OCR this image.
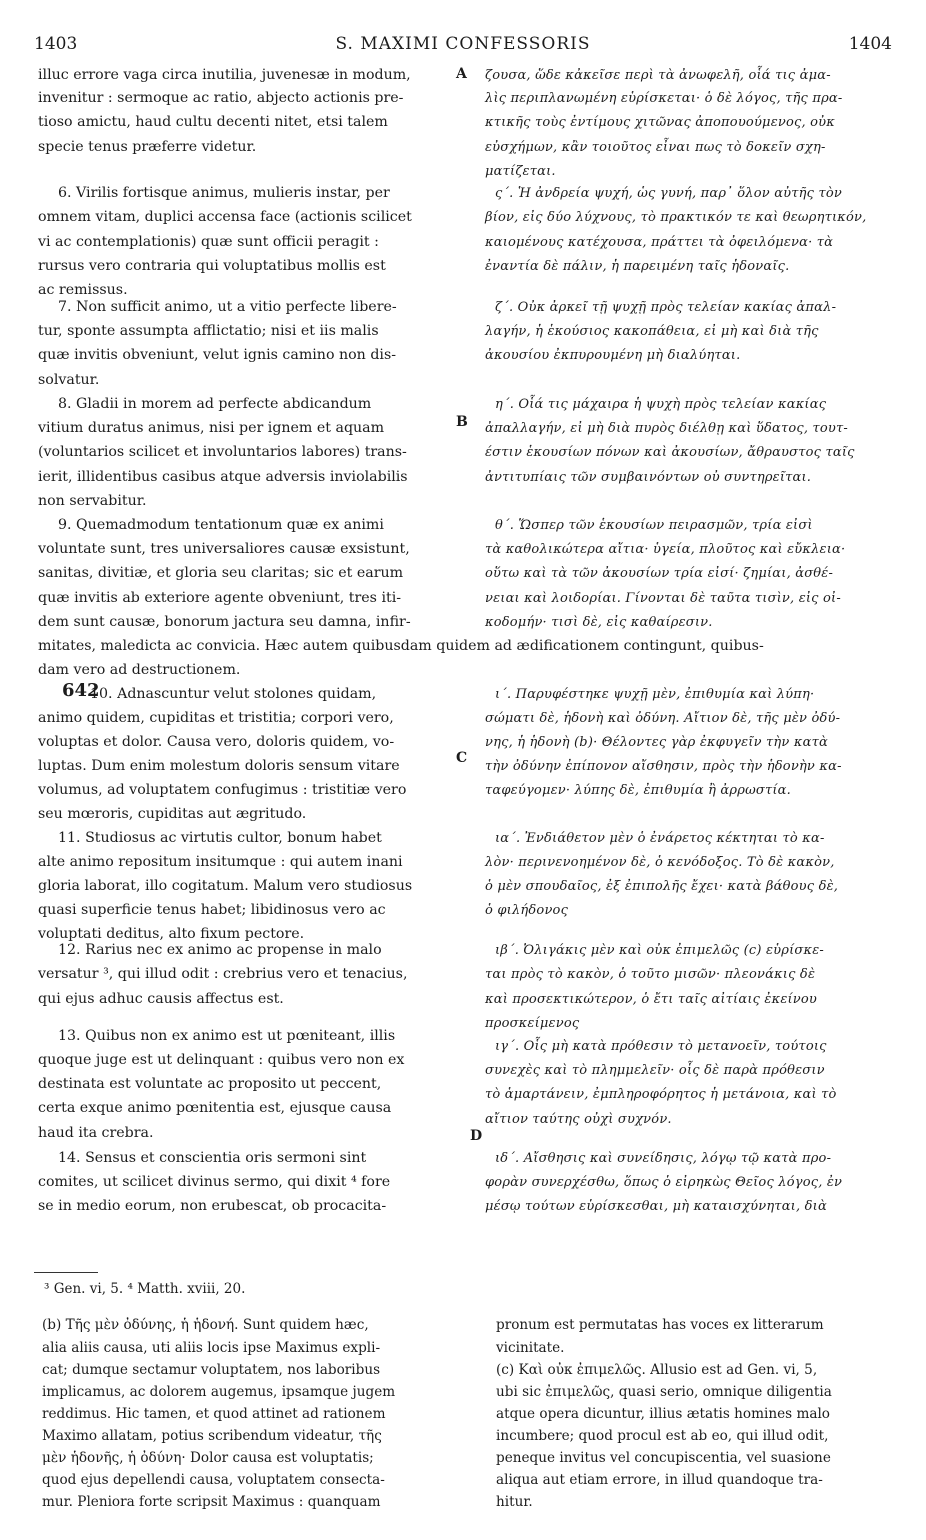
1403	S. MAXIMI CONFESSORIS	1404
illuc errore vaga circa inutilia, juvenesæ in modum,
invenitur : sermoque ac ratio, abjecto actionis pre-
tioso amictu, haud cultu decenti nitet, etsi talem
specie tenus præferre videtur.
6. Virilis fortisque animus, mulieris instar, per
omnem vitam, duplici accensa face (actionis scilicet
vi ac contemplationis) quæ sunt officii peragit :
rursus vero contraria qui voluptatibus mollis est
ac remissus.
7. Non sufficit animo, ut a vitio perfecte libere-
tur, sponte assumpta afflictatio; nisi et iis malis
quæ invitis obveniunt, velut ignis camino non dis-
solvatur.
8. Gladii in morem ad perfecte abdicandum
vitium duratus animus, nisi per ignem et aquam
(voluntarios scilicet et involuntarios labores) trans-
ierit, illidentibus casibus atque adversis inviolabilis
non servabitur.
9. Quemadmodum tentationum quæ ex animi
voluntate sunt, tres universaliores causæ exsistunt,
sanitas, divitiæ, et gloria seu claritas; sic et earum
quæ invitis ab exteriore agente obveniunt, tres iti-
dem sunt causæ, bonorum jactura seu damna, infir-
mitates, maledicta ac convicia. Hæc autem quibusdam quidem ad ædificationem contingunt, quibus-
dam vero ad destructionem.
10. Adnascuntur velut stolones quidam,
animo quidem, cupiditas et tristitia; corpori vero,
voluptas et dolor. Causa vero, doloris quidem, vo-
luptas. Dum enim molestum doloris sensum vitare
volumus, ad voluptatem confugimus : tristitiæ vero
seu mœroris, cupiditas aut ægritudo.
11. Studiosus ac virtutis cultor, bonum habet
alte animo repositum insitumque : qui autem inani
gloria laborat, illo cogitatum. Malum vero studiosus
quasi superficie tenus habet; libidinosus vero ac
voluptati deditus, alto fixum pectore.
12. Rarius nec ex animo ac propense in malo
versatur ³, qui illud odit : crebrius vero et tenacius,
qui ejus adhuc causis affectus est.
13. Quibus non ex animo est ut pœniteant, illis
quoque juge est ut delinquant : quibus vero non ex
destinata est voluntate ac proposito ut peccent,
certa exque animo pœnitentia est, ejusque causa
haud ita crebra.
14. Sensus et conscientia oris sermoni sint
comites, ut scilicet divinus sermo, qui dixit ⁴ fore
se in medio eorum, non erubescat, ob procacita-
ζουσα, ὥδε κἀκεῖσε περὶ τὰ ἀνωφελῆ, οἷά τις ἀμα-
λὶς περιπλανωμένη εὑρίσκεται· ὁ δὲ λόγος, τῆς πρα-
κτικῆς τοὺς ἐντίμους χιτῶνας ἀποπουούμενος, οὐκ
εὐσχήμων, κἂν τοιοῦτος εἶναι πως τὸ δοκεῖν σχη-
ματίζεται.
ς΄. Ἡ ἀνδρεία ψυχή, ὡς γυνή, παρ᾽ ὅλον αὐτῆς τὸν
βίον, εἰς δύο λύχνους, τὸ πρακτικόν τε καὶ θεωρητικόν,
καιομένους κατέχουσα, πράττει τὰ ὀφειλόμενα· τὰ
ἐναντία δὲ πάλιν, ἡ παρειμένη ταῖς ἡδοναῖς.
ζ΄. Οὐκ ἀρκεῖ τῇ ψυχῇ πρὸς τελείαν κακίας ἀπαλ-
λαγήν, ἡ ἑκούσιος κακοπάθεια, εἰ μὴ καὶ διὰ τῆς
ἀκουσίου ἐκπυρουμένη μὴ διαλύηται.
η΄. Οἷά τις μάχαιρα ἡ ψυχὴ πρὸς τελείαν κακίας
ἀπαλλαγήν, εἰ μὴ διὰ πυρὸς διέλθῃ καὶ ὕδατος, τουτ-
έστιν ἑκουσίων πόνων καὶ ἀκουσίων, ἄθραυστος ταῖς
ἀντιτυπίαις τῶν συμβαινόντων οὐ συντηρεῖται.
θ΄. Ὥσπερ τῶν ἑκουσίων πειρασμῶν, τρία εἰσὶ
τὰ καθολικώτερα αἴτια· ὑγεία, πλοῦτος καὶ εὔκλεια·
οὕτω καὶ τὰ τῶν ἀκουσίων τρία εἰσί· ζημίαι, ἀσθέ-
νειαι καὶ λοιδορίαι. Γίνονται δὲ ταῦτα τισὶν, εἰς οἰ-
κοδομήν· τισὶ δὲ, εἰς καθαίρεσιν.
ι΄. Παρυφέστηκε ψυχῇ μὲν, ἐπιθυμία καὶ λύπη·
σώματι δὲ, ἡδονὴ καὶ ὀδύνη. Αἴτιον δὲ, τῆς μὲν ὀδύ-
νης, ἡ ἡδονὴ (b)· Θέλοντες γὰρ ἐκφυγεῖν τὴν κατὰ
τὴν ὀδύνην ἐπίπονον αἴσθησιν, πρὸς τὴν ἡδονὴν κα-
ταφεύγομεν· λύπης δὲ, ἐπιθυμία ἢ ἀρρωστία.
ια΄. Ἐνδιάθετον μὲν ὁ ἐνάρετος κέκτηται τὸ κα-
λὸν· περινενοημένον δὲ, ὁ κενόδοξος. Τὸ δὲ κακὸν,
ὁ μὲν σπουδαῖος, ἐξ ἐπιπολῆς ἔχει· κατὰ βάθους δὲ,
ὁ φιλήδονος
ιβ΄. Ὀλιγάκις μὲν καὶ οὐκ ἐπιμελῶς (c) εὑρίσκε-
ται πρὸς τὸ κακὸν, ὁ τοῦτο μισῶν· πλεονάκις δὲ
καὶ προσεκτικώτερον, ὁ ἔτι ταῖς αἰτίαις ἐκείνου
προσκείμενος
ιγ΄. Οἷς μὴ κατὰ πρόθεσιν τὸ μετανοεῖν, τούτοις
συνεχὲς καὶ τὸ πλημμελεῖν· οἷς δὲ παρὰ πρόθεσιν
τὸ ἁμαρτάνειν, ἐμπληροφόρητος ἡ μετάνοια, καὶ τὸ
αἴτιον ταύτης οὐχὶ συχνόν.
ιδ΄. Αἴσθησις καὶ συνείδησις, λόγῳ τῷ κατὰ προ-
φορὰν συνερχέσθω, ὅπως ὁ εἰρηκὼς Θεῖος λόγος, ἐν
μέσῳ τούτων εὑρίσκεσθαι, μὴ καταισχύνηται, διὰ
A
B
C
D
642
³ Gen. vi, 5. ⁴ Matth. xviii, 20.
(b) Τῆς μὲν ὀδύνης, ἡ ἡδονή. Sunt quidem hæc,
alia aliis causa, uti aliis locis ipse Maximus expli-
cat; dumque sectamur voluptatem, nos laboribus
implicamus, ac dolorem augemus, ipsamque jugem
reddimus. Hic tamen, et quod attinet ad rationem
Maximo allatam, potius scribendum videatur, τῆς
μὲν ἡδονῆς, ἡ ὀδύνη· Dolor causa est voluptatis;
quod ejus depellendi causa, voluptatem consecta-
mur. Pleniora forte scripsit Maximus : quanquam
pronum est permutatas has voces ex litterarum
vicinitate.
(c) Καὶ οὐκ ἐπιμελῶς. Allusio est ad Gen. vi, 5,
ubi sic ἐπιμελῶς, quasi serio, omnique diligentia
atque opera dicuntur, illius ætatis homines malo
incumbere; quod procul est ab eo, qui illud odit,
peneque invitus vel concupiscentia, vel suasione
aliqua aut etiam errore, in illud quandoque tra-
hitur.
